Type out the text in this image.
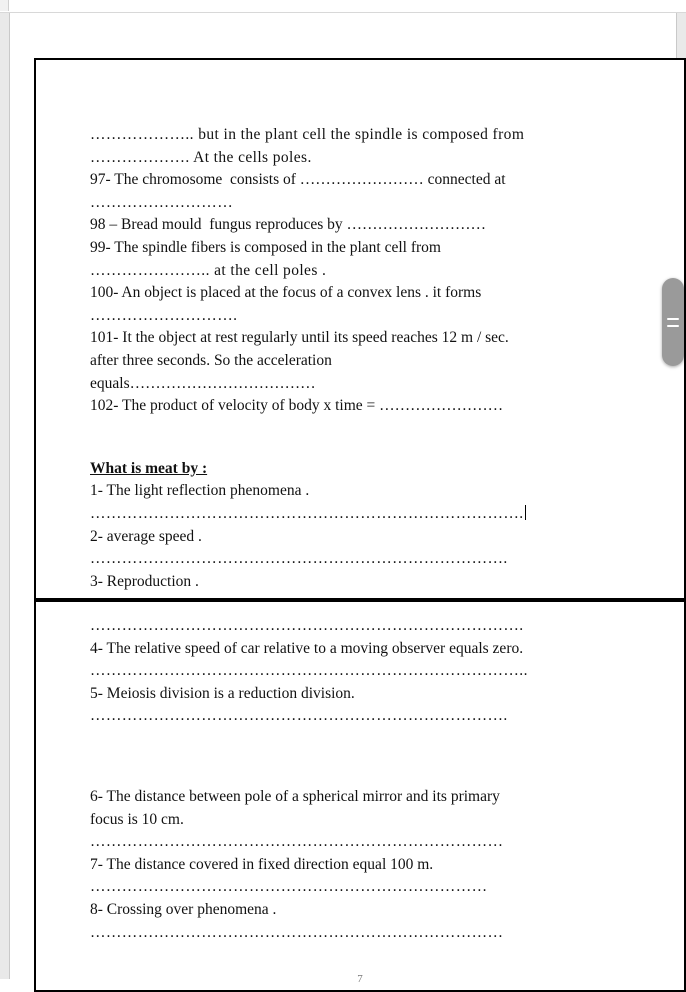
……………….. but in the plant cell the spindle is composed from

………………. At the cells poles.

97- The chromosome  consists of …………………… connected at

………………………

98 – Bread mould  fungus reproduces by ………………………

99- The spindle fibers is composed in the plant cell from

………………….. at the cell poles .

100- An object is placed at the focus of a convex lens . it forms

……………………….

101- It the object at rest regularly until its speed reaches 12 m / sec.

after three seconds. So the acceleration

equals………………………………

102- The product of velocity of body x time = ……………………

What is meat by :

1- The light reflection phenomena .

……………………………………………………………………….

2- average speed .

…………………………………………………………………….

3- Reproduction .

……………………………………………………………………….

4- The relative speed of car relative to a moving observer equals zero.

………………………………………………………………………..

5- Meiosis division is a reduction division.

…………………………………………………………………….

6- The distance between pole of a spherical mirror and its primary

focus is 10 cm.

……………………………………………………………………

7- The distance covered in fixed direction equal 100 m.

…………………………………………………………………

8- Crossing over phenomena .

……………………………………………………………………

7
